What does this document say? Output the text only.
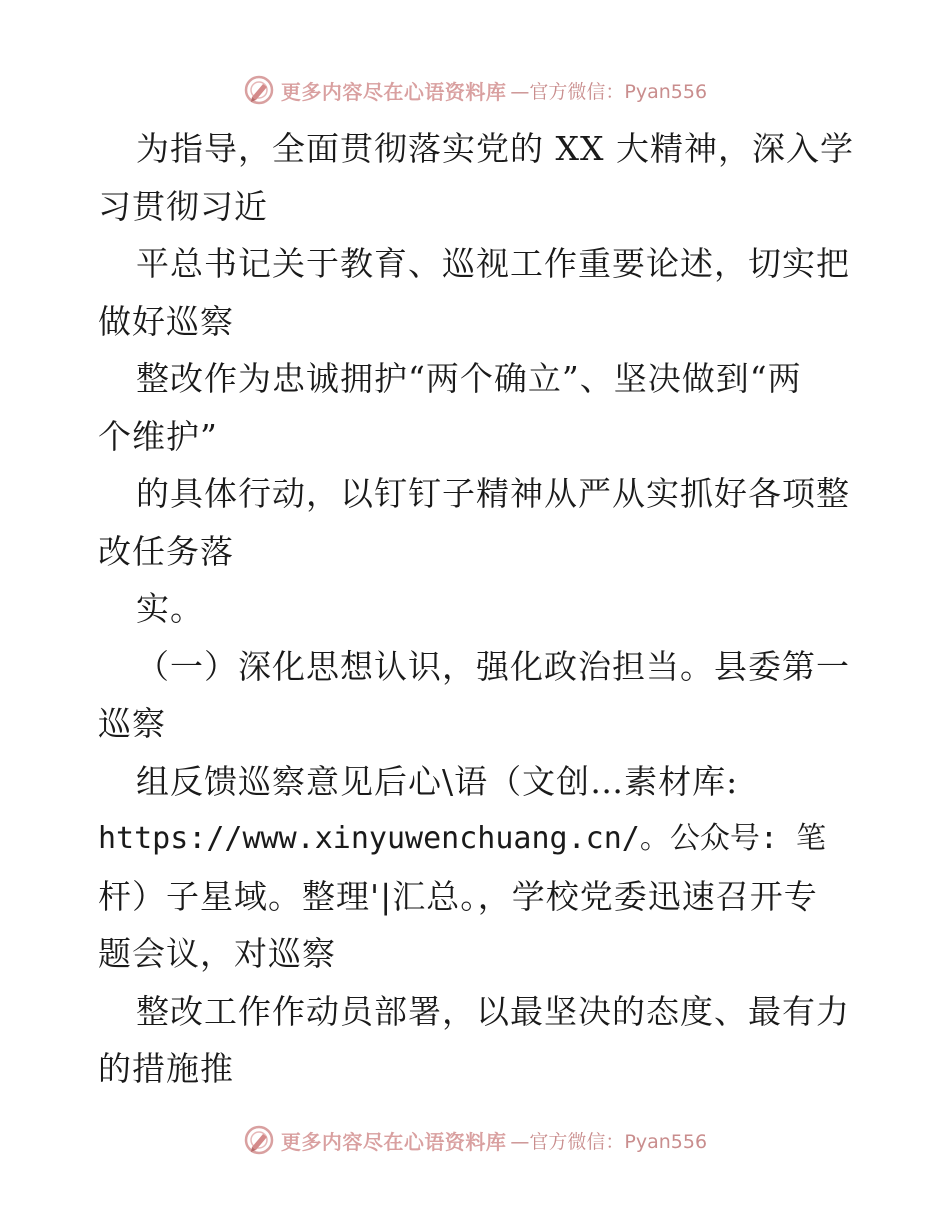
更多内容尽在心语资料库 —官方微信：Pyan556
为指导，全面贯彻落实党的 XX 大精神，深入学
习贯彻习近
平总书记关于教育、巡视工作重要论述，切实把
做好巡察
整改作为忠诚拥护“两个确立”、坚决做到“两
个维护”
的具体行动，以钉钉子精神从严从实抓好各项整
改任务落
实。
（一）深化思想认识，强化政治担当。县委第一
巡察
组反馈巡察意见后心\语（文创…素材库:
https://www.xinyuwenchuang.cn/。公众号: 笔
杆）子星域。整理'|汇总。，学校党委迅速召开专
题会议，对巡察
整改工作作动员部署，以最坚决的态度、最有力
的措施推
更多内容尽在心语资料库 —官方微信：Pyan556
